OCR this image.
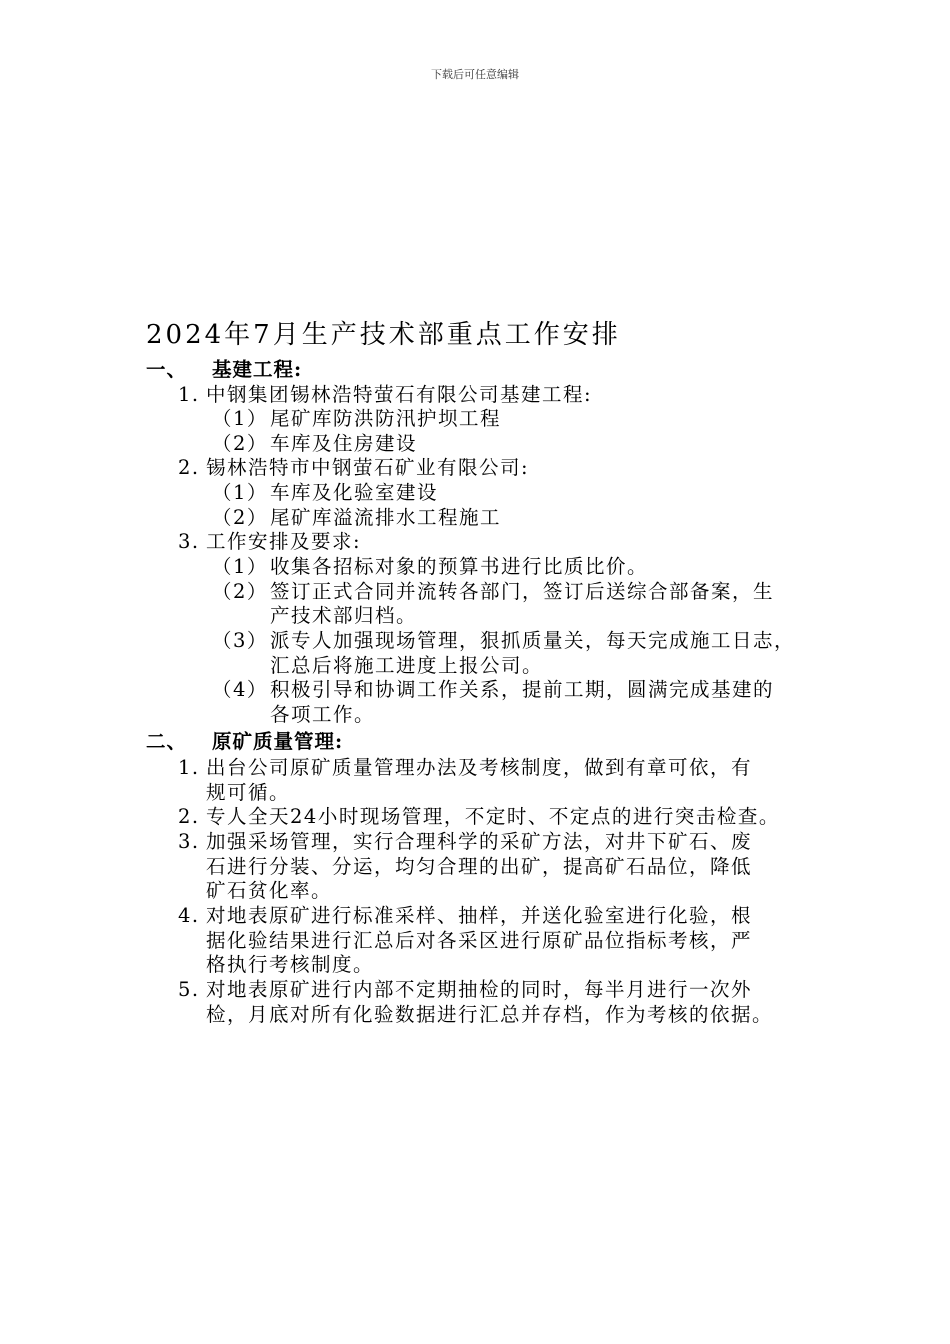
下载后可任意编辑
2024年7月生产技术部重点工作安排
一、 基建工程:
1. 中钢集团锡林浩特萤石有限公司基建工程:
（1） 尾矿库防洪防汛护坝工程
（2） 车库及住房建设
2. 锡林浩特市中钢萤石矿业有限公司:
（1） 车库及化验室建设
（2） 尾矿库溢流排水工程施工
3. 工作安排及要求:
（1） 收集各招标对象的预算书进行比质比价。
（2） 签订正式合同并流转各部门，签订后送综合部备案，生
产技术部归档。
（3） 派专人加强现场管理，狠抓质量关，每天完成施工日志，
汇总后将施工进度上报公司。
（4） 积极引导和协调工作关系，提前工期，圆满完成基建的
各项工作。
二、 原矿质量管理:
1. 出台公司原矿质量管理办法及考核制度，做到有章可依，有
规可循。
2. 专人全天24小时现场管理，不定时、不定点的进行突击检查。
3. 加强采场管理，实行合理科学的采矿方法，对井下矿石、废
石进行分装、分运，均匀合理的出矿，提高矿石品位，降低
矿石贫化率。
4. 对地表原矿进行标准采样、抽样，并送化验室进行化验，根
据化验结果进行汇总后对各采区进行原矿品位指标考核，严
格执行考核制度。
5. 对地表原矿进行内部不定期抽检的同时，每半月进行一次外
检，月底对所有化验数据进行汇总并存档，作为考核的依据。
